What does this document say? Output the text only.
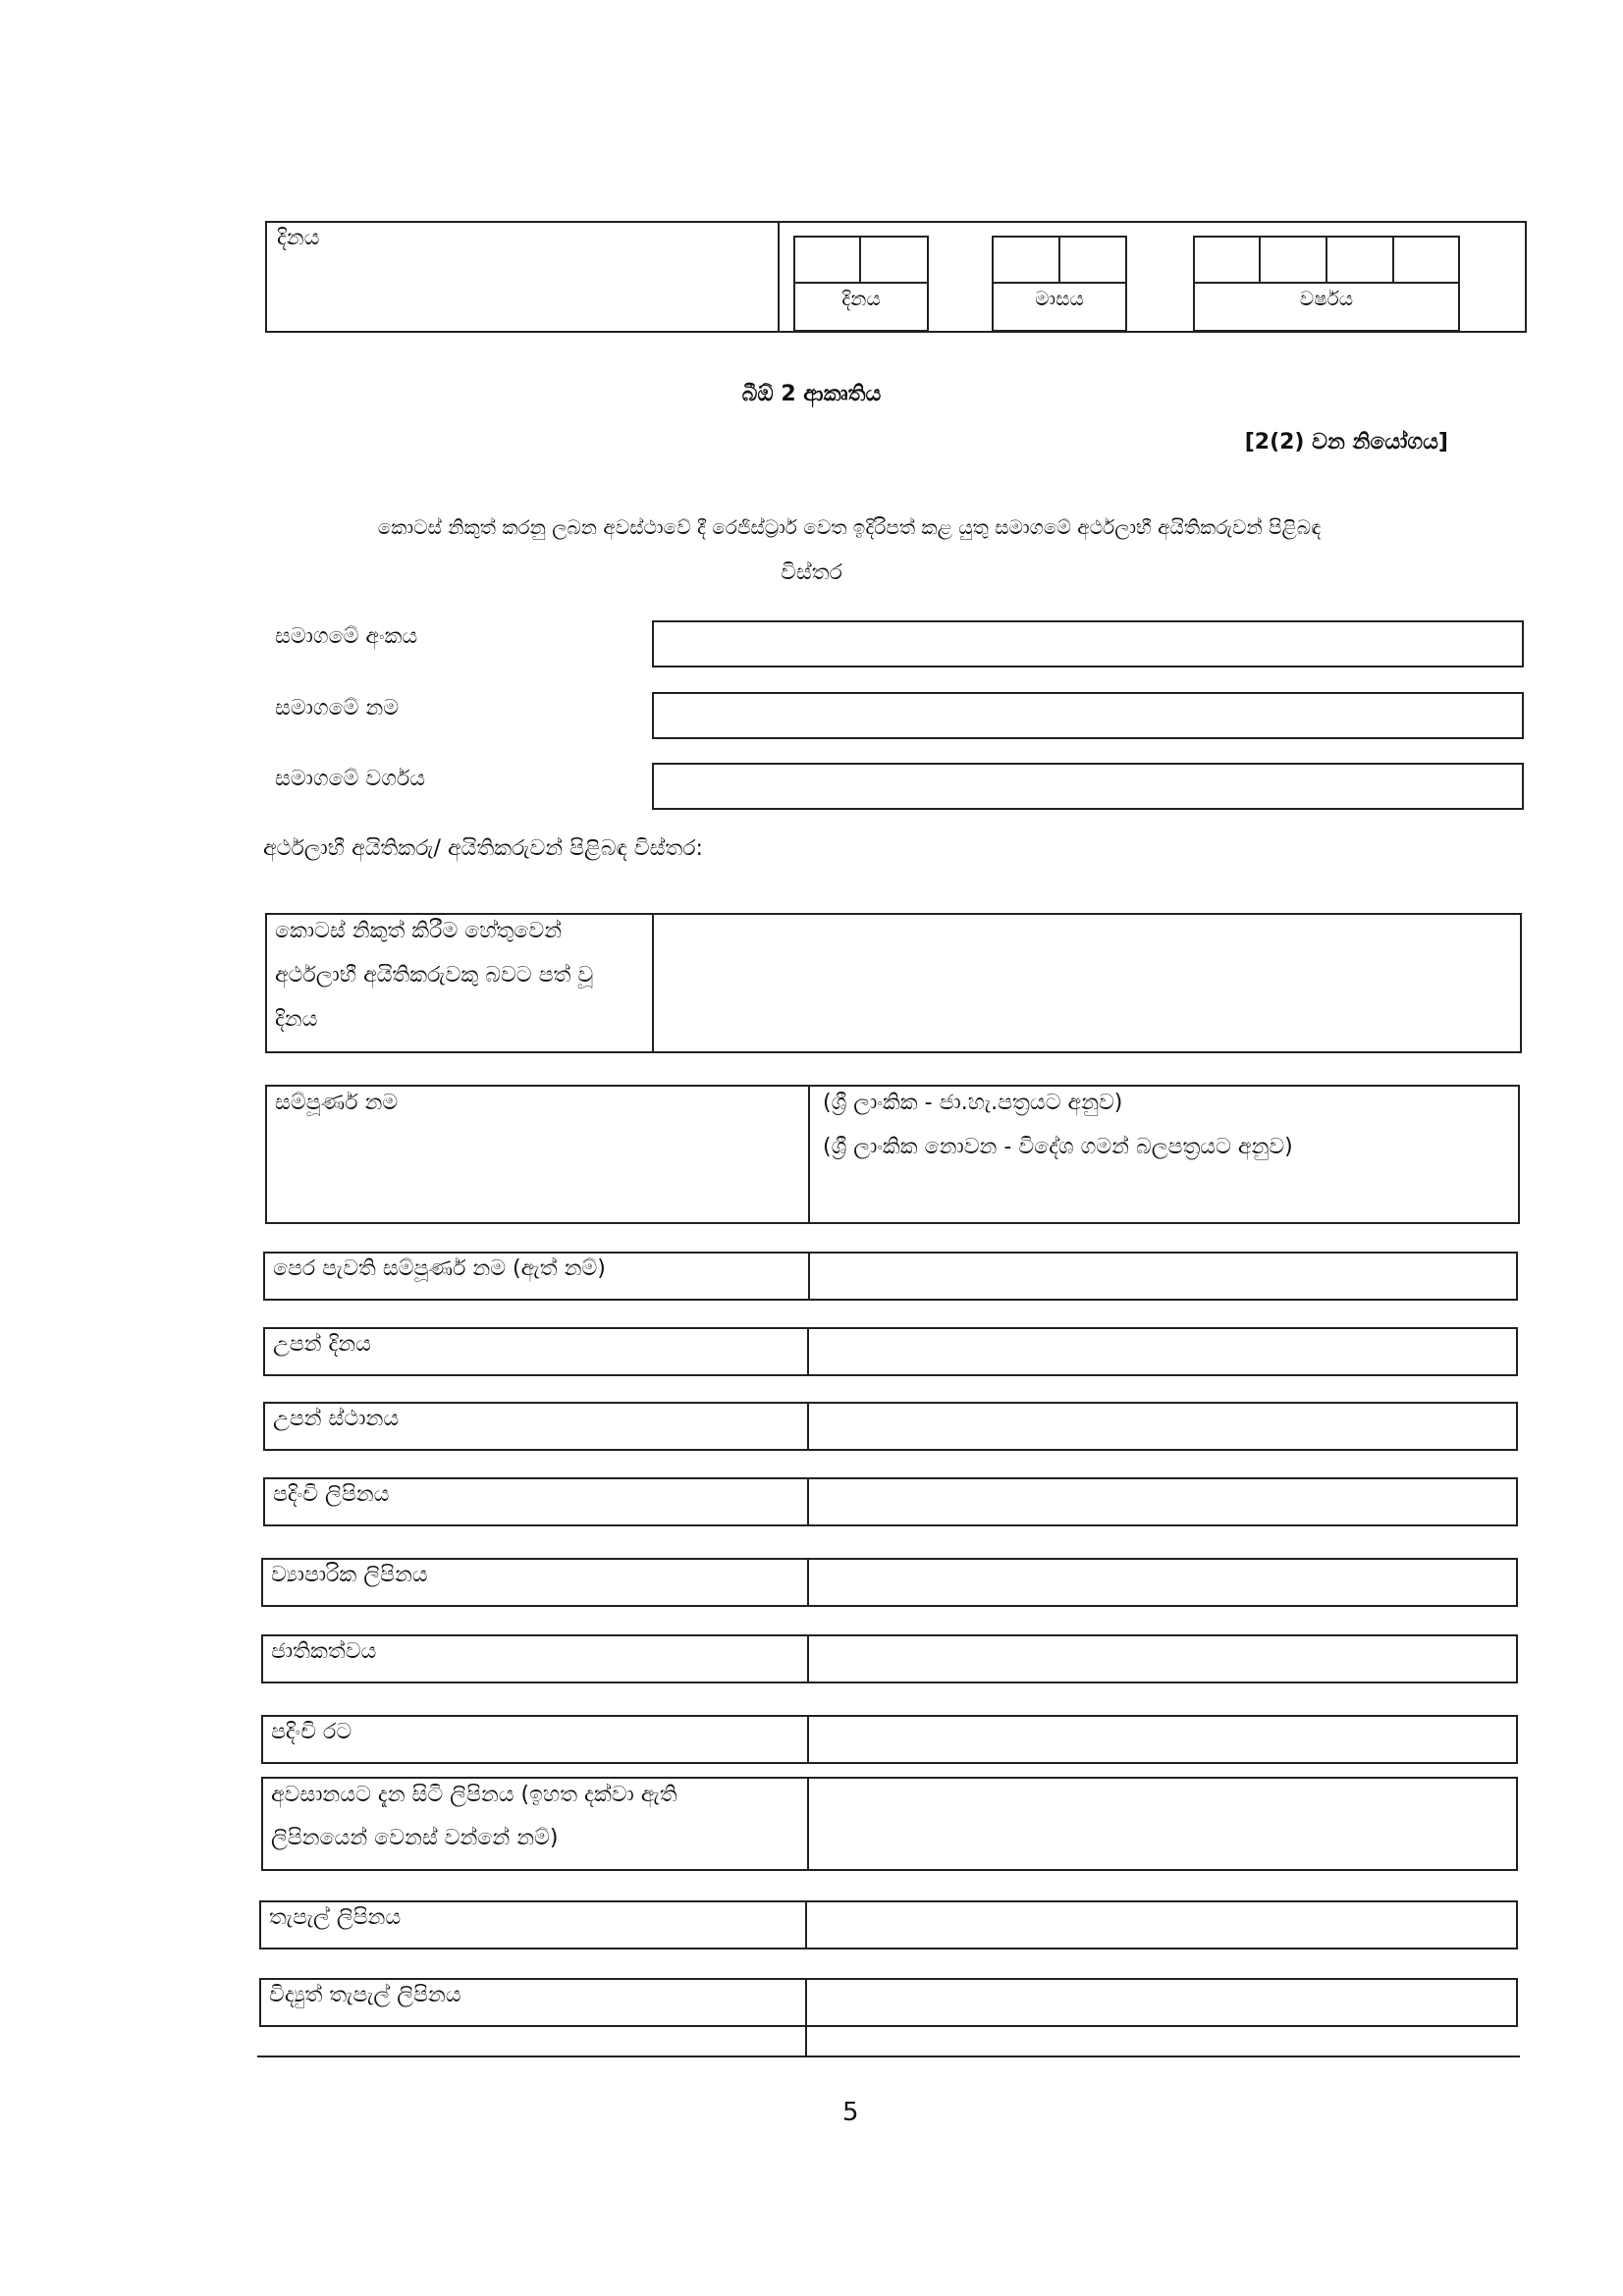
දිනය
දිනය	මාසය	වර්ෂය
බීඕ 2 ආකෘතිය
[2(2) වන නියෝගය]
කොටස් නිකුත් කරනු ලබන අවස්ථාවේ දී රෙජිස්ට්‍රාර් වෙත ඉදිරිපත් කළ යුතු සමාගමේ අර්ථලාභී අයිතිකරුවන් පිළිබඳ
විස්තර
සමාගමේ අංකය
සමාගමේ නම
සමාගමේ වර්ගය
අර්ථලාභී අයිතිකරු/ අයිතිකරුවන් පිළිබඳ විස්තර:
කොටස් නිකුත් කිරීම හේතුවෙන්
අර්ථලාභී අයිතිකරුවකු බවට පත් වූ
දිනය
සම්පූර්ණ නම	(ශ්‍රී ලාංකික - ජා.හැ.පත්‍රයට අනුව)
(ශ්‍රී ලාංකික නොවන - විදේශ ගමන් බලපත්‍රයට අනුව)
පෙර පැවති සම්පූර්ණ නම (ඇත් නම්)
උපන් දිනය
උපන් ස්ථානය
පදිංචි ලිපිනය
ව්‍යාපාරික ලිපිනය
ජාතිකත්වය
පදිංචි රට
අවසානයට දැන සිටි ලිපිනය (ඉහත දක්වා ඇති
ලිපිනයෙන් වෙනස් වන්නේ නම්)
තැපැල් ලිපිනය
විද්‍යුත් තැපැල් ලිපිනය
5
